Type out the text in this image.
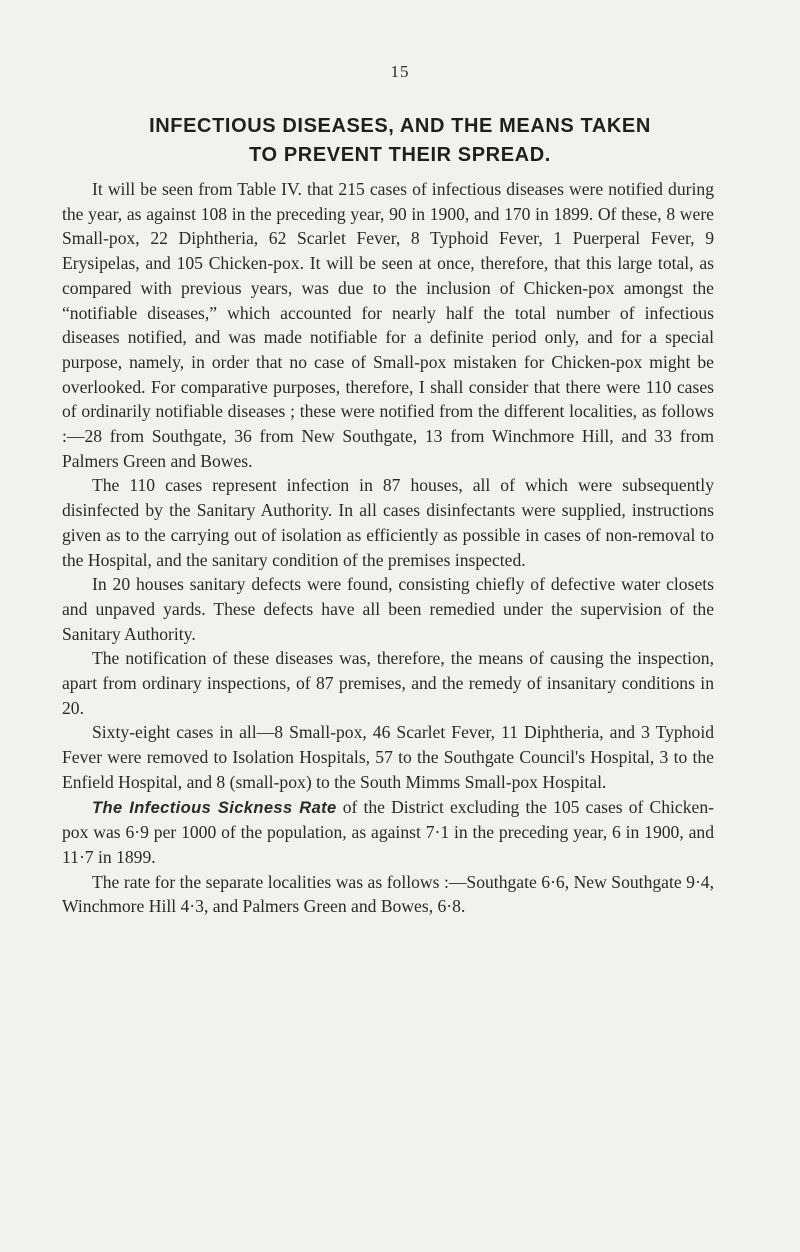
15
INFECTIOUS DISEASES, AND THE MEANS TAKEN
TO PREVENT THEIR SPREAD.

It will be seen from Table IV. that 215 cases of infectious diseases were notified during the year, as against 108 in the preceding year, 90 in 1900, and 170 in 1899. Of these, 8 were Small-pox, 22 Diphtheria, 62 Scarlet Fever, 8 Typhoid Fever, 1 Puerperal Fever, 9 Erysipelas, and 105 Chicken-pox. It will be seen at once, therefore, that this large total, as compared with previous years, was due to the inclusion of Chicken-pox amongst the “notifiable diseases,” which accounted for nearly half the total number of infectious diseases notified, and was made notifiable for a definite period only, and for a special purpose, namely, in order that no case of Small-pox mistaken for Chicken-pox might be overlooked. For comparative purposes, therefore, I shall consider that there were 110 cases of ordinarily notifiable diseases ; these were notified from the different localities, as follows :—28 from Southgate, 36 from New Southgate, 13 from Winchmore Hill, and 33 from Palmers Green and Bowes.

The 110 cases represent infection in 87 houses, all of which were subsequently disinfected by the Sanitary Authority. In all cases disinfectants were supplied, instructions given as to the carrying out of isolation as efficiently as possible in cases of non-removal to the Hospital, and the sanitary condition of the premises inspected.

In 20 houses sanitary defects were found, consisting chiefly of defective water closets and unpaved yards. These defects have all been remedied under the supervision of the Sanitary Authority.

The notification of these diseases was, therefore, the means of causing the inspection, apart from ordinary inspections, of 87 premises, and the remedy of insanitary conditions in 20.

Sixty-eight cases in all—8 Small-pox, 46 Scarlet Fever, 11 Diphtheria, and 3 Typhoid Fever were removed to Isolation Hospitals, 57 to the Southgate Council's Hospital, 3 to the Enfield Hospital, and 8 (small-pox) to the South Mimms Small-pox Hospital.

The Infectious Sickness Rate of the District excluding the 105 cases of Chicken-pox was 6·9 per 1000 of the population, as against 7·1 in the preceding year, 6 in 1900, and 11·7 in 1899.

The rate for the separate localities was as follows :—Southgate 6·6, New Southgate 9·4, Winchmore Hill 4·3, and Palmers Green and Bowes, 6·8.
